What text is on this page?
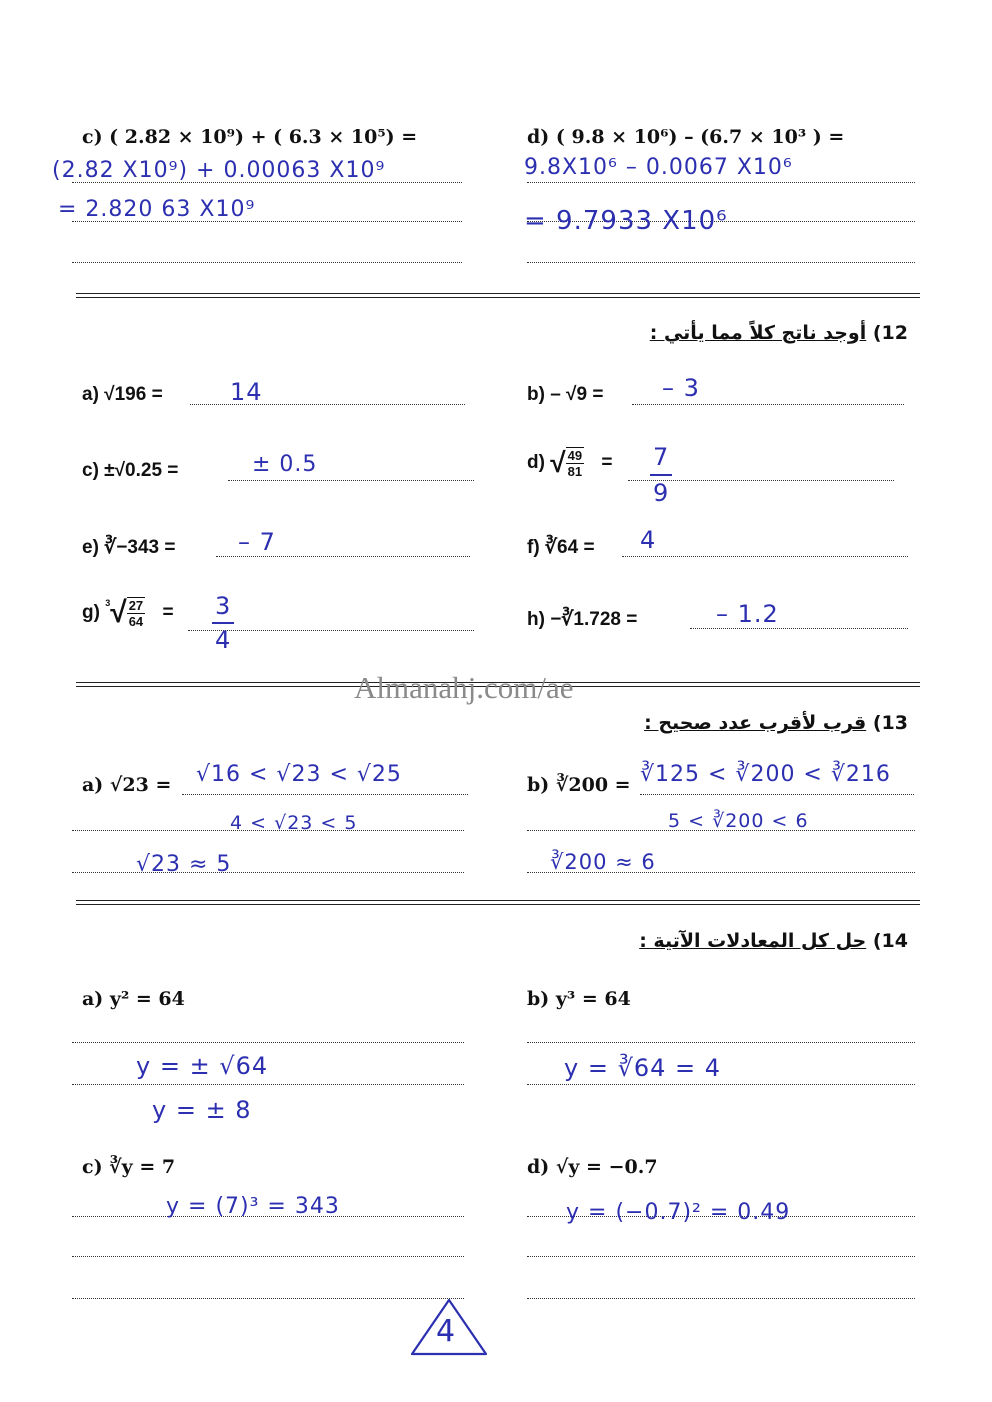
c) ( 2.82 × 10⁹) + ( 6.3 × 10⁵) =	d) ( 9.8 × 10⁶) – (6.7 × 10³ ) =
(2.82 X10⁹) + 0.00063 X10⁹
= 2.820 63 X10⁹
9.8X10⁶ – 0.0067 X10⁶
= 9.7933 X10⁶
12) أوجد ناتج كلاً مما يأتي :
a) √196 =	14	b) – √9 = – 3
c) ±√0.25 =	± 0.5	d) √ $\frac{49}{81} = \frac{7}{9}$
e) ∛−343 =	– 7	f) ∛64 = 4
g) $^3√ \frac{27}{64} = \frac{3}{4}$	h) −∛1.728 =	– 1.2
Almanahj.com/ae
13) قرب لأقرب عدد صحيح :
a) √23 = √16 < √23 < √25
4 < √23 < 5
√23 ≈ 5
b) ∛200 = ∛125 < ∛200 < ∛216
5 < ∛200 < 6
∛200 ≈ 6
14) حل كل المعادلات الآتية :
a) y² = 64
y = ± √64
y = ± 8
b) y³ = 64
y = ∛64 = 4
c) ∛y = 7
y = (7)³ = 343
d) √y = −0.7
y = (−0.7)² = 0.49
4
